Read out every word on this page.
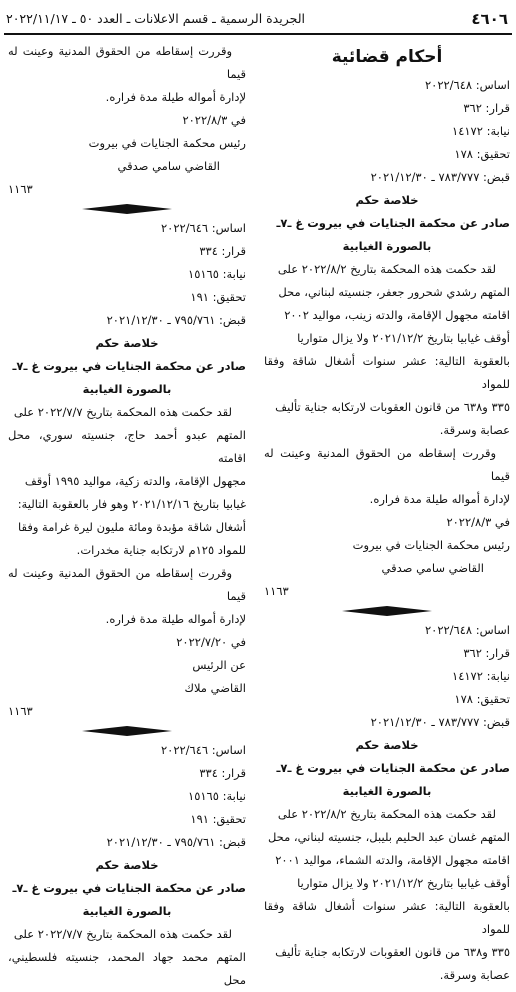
٤٦٠٦
الجريدة الرسمية ـ قسم الاعلانات ـ العدد ٥٠ ـ ٢٠٢٢/١١/١٧
أحكام قضائية
اساس: ٢٠٢٢/٦٤٨
قرار: ٣٦٢
نيابة: ١٤١٧٢
تحقيق: ١٧٨
قبض: ٧٨٣/٧٧٧ ـ ٢٠٢١/١٢/٣٠
خلاصة حكم
صادر عن محكمة الجنايات في بيروت غ ـ٧ـ
بالصورة الغيابية
لقد حكمت هذه المحكمة بتاريخ ٢٠٢٢/٨/٢ على
المتهم رشدي شحرور جعفر، جنسيته لبناني، محل
اقامته مجهول الإقامة، والدته زينب، مواليد ٢٠٠٢
أوقف غيابيا بتاريخ ٢٠٢١/١٢/٢ ولا يزال متواريا
بالعقوبة التالية: عشر سنوات أشغال شاقة وفقا للمواد
٣٣٥ و٦٣٨ من قانون العقوبات لارتكابه جناية تأليف
عصابة وسرقة.
وقررت إسقاطه من الحقوق المدنية وعينت له قيما
لإدارة أمواله طيلة مدة فراره.
في ٢٠٢٢/٨/٣
رئيس محكمة الجنايات في بيروت
القاضي سامي صدقي
١١٦٣
اساس: ٢٠٢٢/٦٤٨
قرار: ٣٦٢
نيابة: ١٤١٧٢
تحقيق: ١٧٨
قبض: ٧٨٣/٧٧٧ ـ ٢٠٢١/١٢/٣٠
خلاصة حكم
صادر عن محكمة الجنايات في بيروت غ ـ٧ـ
بالصورة الغيابية
لقد حكمت هذه المحكمة بتاريخ ٢٠٢٢/٨/٢ على
المتهم غسان عبد الحليم بليبل، جنسيته لبناني، محل
اقامته مجهول الإقامة، والدته الشماء، مواليد ٢٠٠١
أوقف غيابيا بتاريخ ٢٠٢١/١٢/٢ ولا يزال متواريا
بالعقوبة التالية: عشر سنوات أشغال شاقة وفقا للمواد
٣٣٥ و٦٣٨ من قانون العقوبات لارتكابه جناية تأليف
عصابة وسرقة.
وقررت إسقاطه من الحقوق المدنية وعينت له قيما
لإدارة أمواله طيلة مدة فراره.
في ٢٠٢٢/٨/٣
رئيس محكمة الجنايات في بيروت
القاضي سامي صدقي
١١٦٣
اساس: ٢٠٢٢/٦٤٦
قرار: ٣٣٤
نيابة: ١٥١٦٥
تحقيق: ١٩١
قبض: ٧٩٥/٧٦١ ـ ٢٠٢١/١٢/٣٠
خلاصة حكم
صادر عن محكمة الجنايات في بيروت غ ـ٧ـ
بالصورة الغيابية
لقد حكمت هذه المحكمة بتاريخ ٢٠٢٢/٧/٧ على
المتهم عبدو أحمد حاج، جنسيته سوري، محل اقامته
مجهول الإقامة، والدته زكية، مواليد ١٩٩٥ أوقف
غيابيا بتاريخ ٢٠٢١/١٢/١٦ وهو فار بالعقوبة التالية:
أشغال شاقة مؤبدة ومائة مليون ليرة غرامة وفقا
للمواد ١٢٥م لارتكابه جناية مخدرات.
وقررت إسقاطه من الحقوق المدنية وعينت له قيما
لإدارة أمواله طيلة مدة فراره.
في ٢٠٢٢/٧/٢٠
عن الرئيس
القاضي ملاك
١١٦٣
اساس: ٢٠٢٢/٦٤٦
قرار: ٣٣٤
نيابة: ١٥١٦٥
تحقيق: ١٩١
قبض: ٧٩٥/٧٦١ ـ ٢٠٢١/١٢/٣٠
خلاصة حكم
صادر عن محكمة الجنايات في بيروت غ ـ٧ـ
بالصورة الغيابية
لقد حكمت هذه المحكمة بتاريخ ٢٠٢٢/٧/٧ على
المتهم محمد جهاد المحمد، جنسيته فلسطيني، محل
